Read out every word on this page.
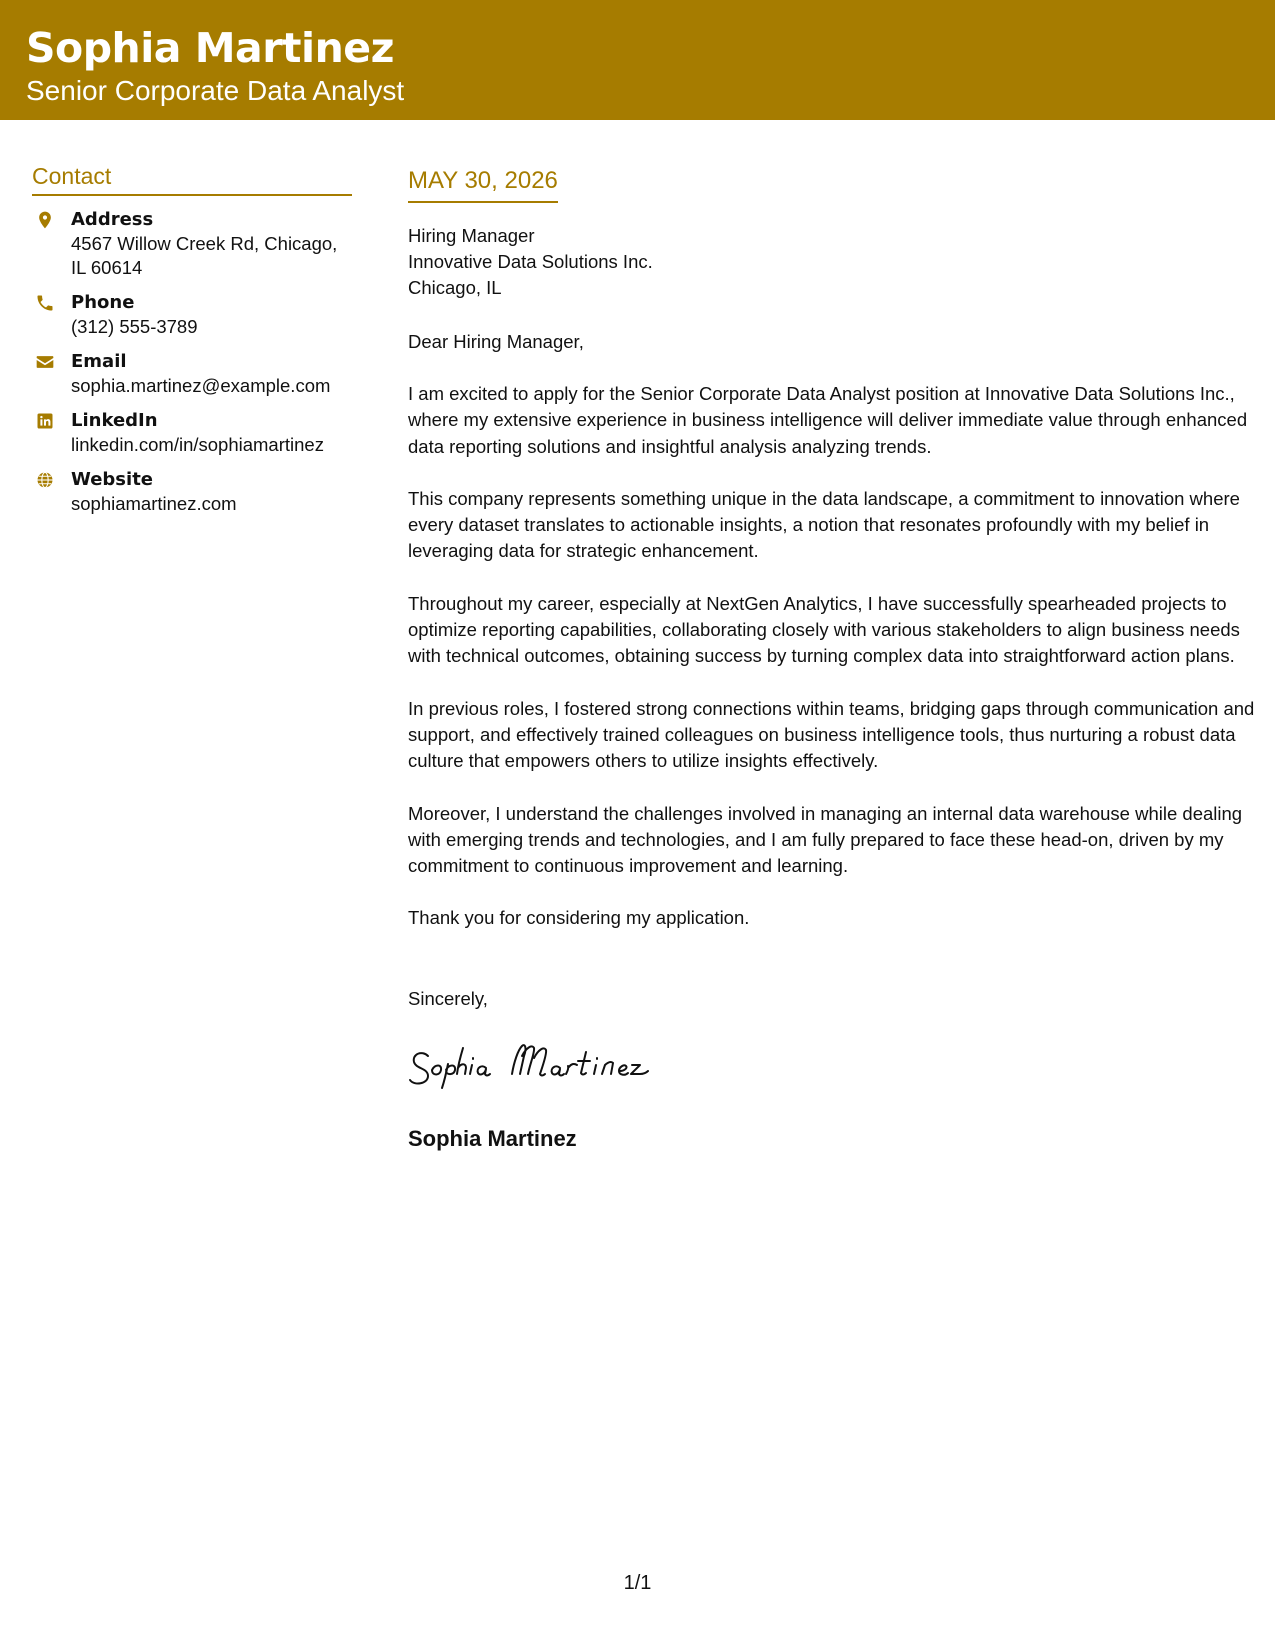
Sophia Martinez
Senior Corporate Data Analyst
Contact
Address
4567 Willow Creek Rd, Chicago, IL 60614
Phone
(312) 555-3789
Email
sophia.martinez@example.com
LinkedIn
linkedin.com/in/sophiamartinez
Website
sophiamartinez.com
MAY 30, 2026
Hiring Manager
Innovative Data Solutions Inc.
Chicago, IL
Dear Hiring Manager,
I am excited to apply for the Senior Corporate Data Analyst position at Innovative Data Solutions Inc., where my extensive experience in business intelligence will deliver immediate value through enhanced data reporting solutions and insightful analysis analyzing trends.
This company represents something unique in the data landscape, a commitment to innovation where every dataset translates to actionable insights, a notion that resonates profoundly with my belief in leveraging data for strategic enhancement.
Throughout my career, especially at NextGen Analytics, I have successfully spearheaded projects to optimize reporting capabilities, collaborating closely with various stakeholders to align business needs with technical outcomes, obtaining success by turning complex data into straightforward action plans.
In previous roles, I fostered strong connections within teams, bridging gaps through communication and support, and effectively trained colleagues on business intelligence tools, thus nurturing a robust data culture that empowers others to utilize insights effectively.
Moreover, I understand the challenges involved in managing an internal data warehouse while dealing with emerging trends and technologies, and I am fully prepared to face these head-on, driven by my commitment to continuous improvement and learning.
Thank you for considering my application.
Sincerely,
Sophia Martinez
1/1
